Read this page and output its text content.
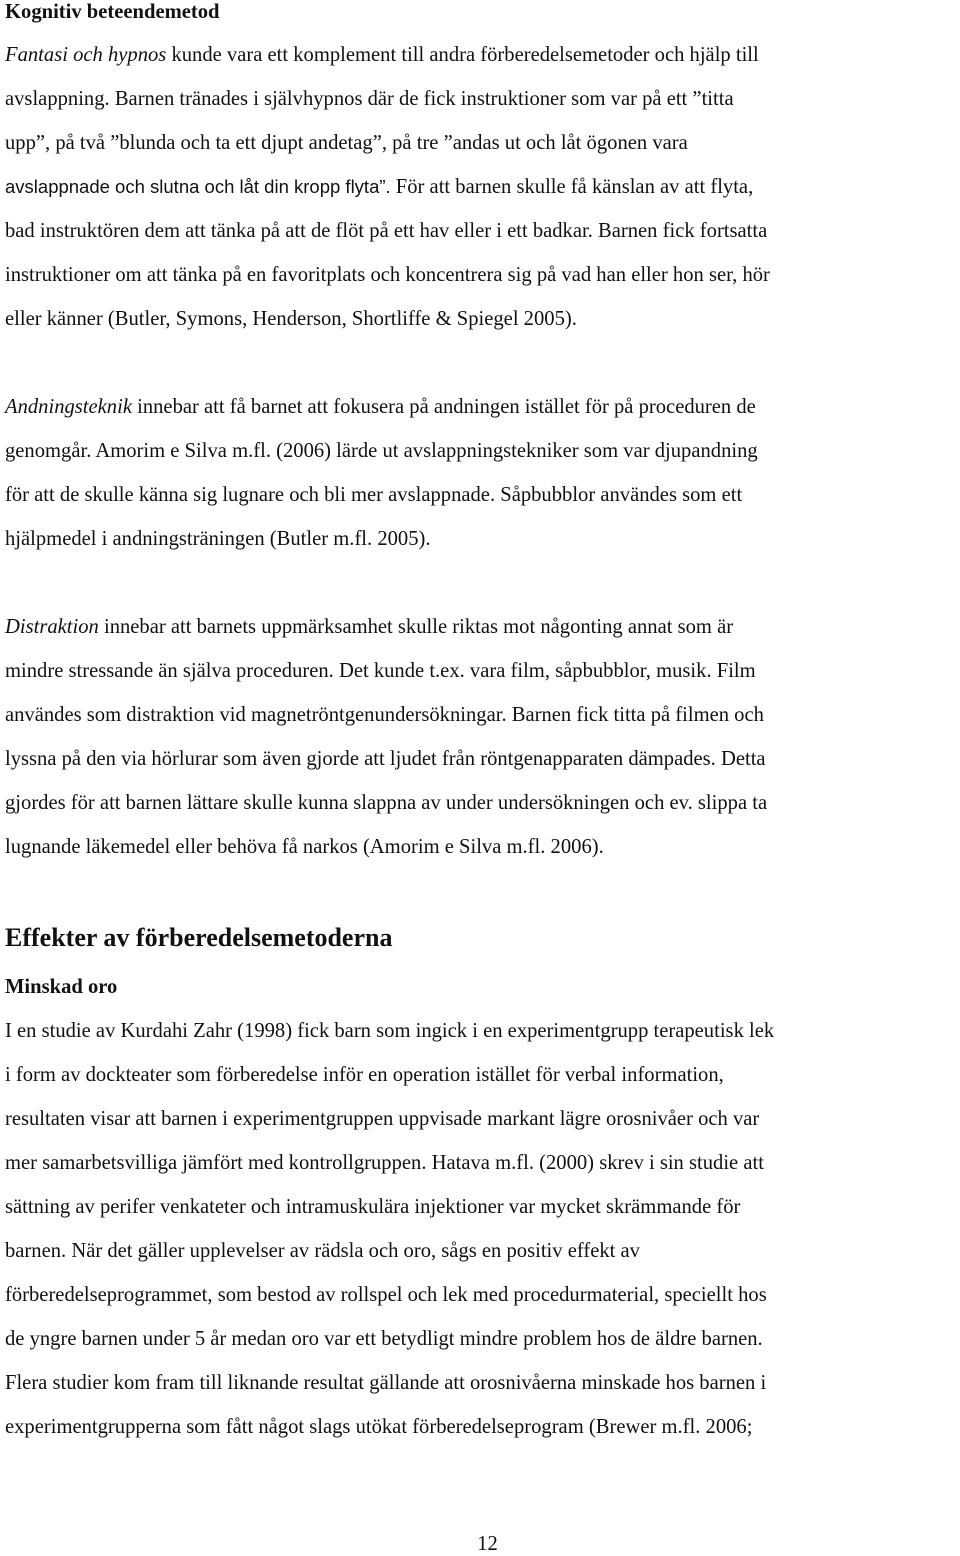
Kognitiv beteendemetod
Fantasi och hypnos kunde vara ett komplement till andra förberedelsemetoder och hjälp till
avslappning. Barnen tränades i självhypnos där de fick instruktioner som var på ett ”titta
upp”, på två ”blunda och ta ett djupt andetag”, på tre ”andas ut och låt ögonen vara
avslappnade och slutna och låt din kropp flyta”. För att barnen skulle få känslan av att flyta,
bad instruktören dem att tänka på att de flöt på ett hav eller i ett badkar. Barnen fick fortsatta
instruktioner om att tänka på en favoritplats och koncentrera sig på vad han eller hon ser, hör
eller känner (Butler, Symons, Henderson, Shortliffe & Spiegel 2005).
Andningsteknik innebar att få barnet att fokusera på andningen istället för på proceduren de
genomgår. Amorim e Silva m.fl. (2006) lärde ut avslappningstekniker som var djupandning
för att de skulle känna sig lugnare och bli mer avslappnade. Såpbubblor användes som ett
hjälpmedel i andningsträningen (Butler m.fl. 2005).
Distraktion innebar att barnets uppmärksamhet skulle riktas mot någonting annat som är
mindre stressande än själva proceduren. Det kunde t.ex. vara film, såpbubblor, musik. Film
användes som distraktion vid magnetröntgenundersökningar. Barnen fick titta på filmen och
lyssna på den via hörlurar som även gjorde att ljudet från röntgenapparaten dämpades. Detta
gjordes för att barnen lättare skulle kunna slappna av under undersökningen och ev. slippa ta
lugnande läkemedel eller behöva få narkos (Amorim e Silva m.fl. 2006).
Effekter av förberedelsemetoderna
Minskad oro
I en studie av Kurdahi Zahr (1998) fick barn som ingick i en experimentgrupp terapeutisk lek
i form av dockteater som förberedelse inför en operation istället för verbal information,
resultaten visar att barnen i experimentgruppen uppvisade markant lägre orosnivåer och var
mer samarbetsvilliga jämfört med kontrollgruppen. Hatava m.fl. (2000) skrev i sin studie att
sättning av perifer venkateter och intramuskulära injektioner var mycket skrämmande för
barnen. När det gäller upplevelser av rädsla och oro, sågs en positiv effekt av
förberedelseprogrammet, som bestod av rollspel och lek med procedurmaterial, speciellt hos
de yngre barnen under 5 år medan oro var ett betydligt mindre problem hos de äldre barnen.
Flera studier kom fram till liknande resultat gällande att orosnivåerna minskade hos barnen i
experimentgrupperna som fått något slags utökat förberedelseprogram (Brewer m.fl. 2006;
12
